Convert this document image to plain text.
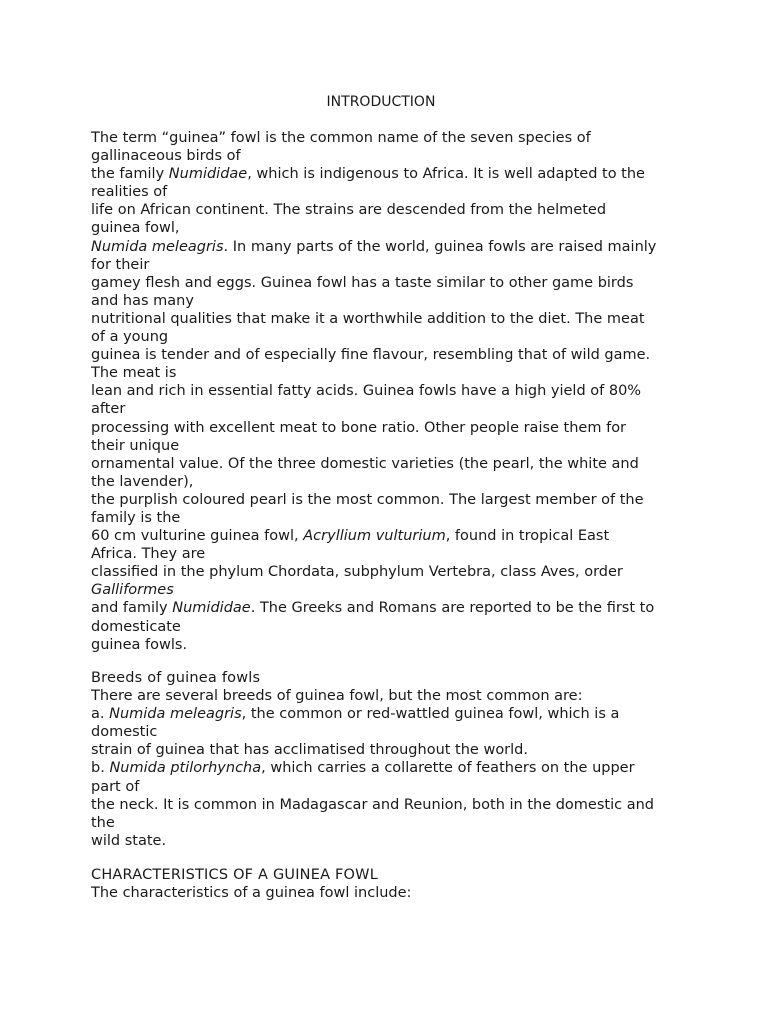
INTRODUCTION
The term “guinea” fowl is the common name of the seven species of
gallinaceous birds of
the family Numididae, which is indigenous to Africa. It is well adapted to the
realities of
life on African continent. The strains are descended from the helmeted
guinea fowl,
Numida meleagris. In many parts of the world, guinea fowls are raised mainly
for their
gamey flesh and eggs. Guinea fowl has a taste similar to other game birds
and has many
nutritional qualities that make it a worthwhile addition to the diet. The meat
of a young
guinea is tender and of especially fine flavour, resembling that of wild game.
The meat is
lean and rich in essential fatty acids. Guinea fowls have a high yield of 80%
after
processing with excellent meat to bone ratio. Other people raise them for
their unique
ornamental value. Of the three domestic varieties (the pearl, the white and
the lavender),
the purplish coloured pearl is the most common. The largest member of the
family is the
60 cm vulturine guinea fowl, Acryllium vulturium, found in tropical East
Africa. They are
classified in the phylum Chordata, subphylum Vertebra, class Aves, order
Galliformes
and family Numididae. The Greeks and Romans are reported to be the first to
domesticate
guinea fowls.
Breeds of guinea fowls
There are several breeds of guinea fowl, but the most common are:
a. Numida meleagris, the common or red-wattled guinea fowl, which is a
domestic
strain of guinea that has acclimatised throughout the world.
b. Numida ptilorhyncha, which carries a collarette of feathers on the upper
part of
the neck. It is common in Madagascar and Reunion, both in the domestic and
the
wild state.
CHARACTERISTICS OF A GUINEA FOWL
The characteristics of a guinea fowl include:
